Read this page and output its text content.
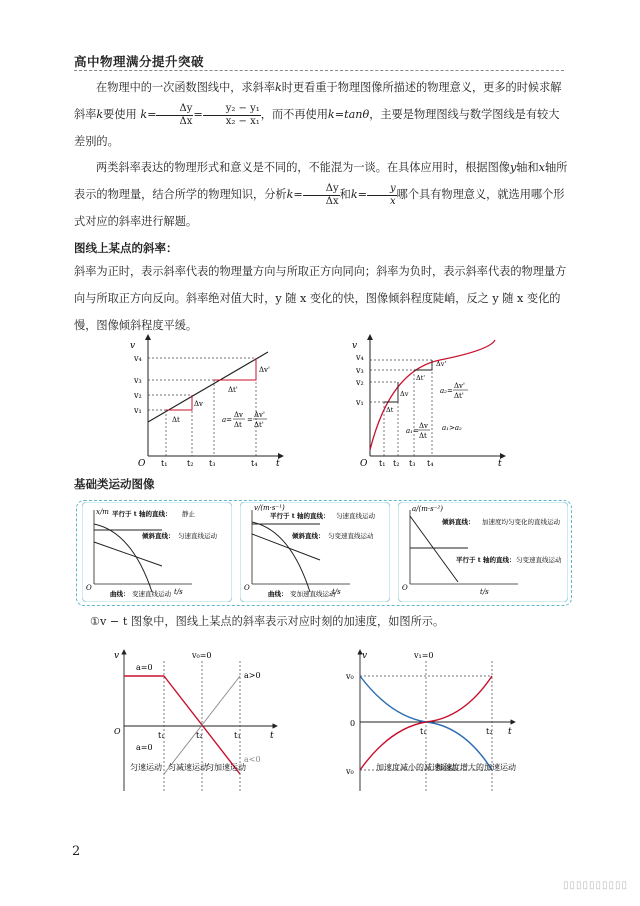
高中物理满分提升突破
在物理中的一次函数图线中，求斜率k时更看重于物理图像所描述的物理意义，更多的时候求解斜率k要使用 $k= \frac{\Delta y}{\Delta x} = \frac{\text{y₂ − y₁}}{\text{x₂ − x₁}}$ ，而不再使用k=tanθ，主要是物理图线与数学图线是有较大差别的。
两类斜率表达的物理形式和意义是不同的，不能混为一谈。在具体应用时，根据图像y轴和x轴所表示的物理量，结合所学的物理知识，分析$k= \frac{\Delta y}{\Delta x}$ 和$k= \frac{y}{x}$ 哪个具有物理意义，就选用哪个形式对应的斜率进行解题。
图线上某点的斜率：
斜率为正时，表示斜率代表的物理量方向与所取正方向同向；斜率为负时，表示斜率代表的物理量方向与所取正方向反向。斜率绝对值大时，y 随 x 变化的快，图像倾斜程度陡峭，反之 y 随 x 变化的慢，图像倾斜程度平缓。
v
t
O
v₁
v₂
v₃
v₄
t₁ t₂ t₃	t₄
Δt
Δv
Δt'
Δv'
a=
Δv
Δt
=
Δv'
Δt'
v
t
O
v₁
v₂
v₃
v₄
t₁ t₂ t₃ t₄
Δt
Δv
Δt'
Δv'
a₁=
Δv
Δt
a₂=
Δv'
Δt'
a₁>a₂
基础类运动图像
x/m
t/s
O
平行于 t 轴的直线： 静止
倾斜直线： 匀速直线运动
曲线： 变速直线运动
v/(m·s⁻¹)
t/s
O
平行于 t 轴的直线： 匀速直线运动
倾斜直线： 匀变速直线运动
曲线： 变加速直线运动
a/(m·s⁻²)
t/s
O
倾斜直线： 加速度均匀变化的直线运动
平行于 t 轴的直线： 匀变速直线运动
①v − t 图象中，图线上某点的斜率表示对应时刻的加速度，如图所示。
v
t
O
v₀=0
a=0
t₁	t₂	t₃
a>0
a<0
a=0
匀速运动 匀减速运动
匀加速运动
v
t
0
v₀
v₀
v₁=0
t₁	t₂
加速度减小的减速运动
加速度增大的加速运动
2
▯▯▯▯▯▯▯▯▯▯
